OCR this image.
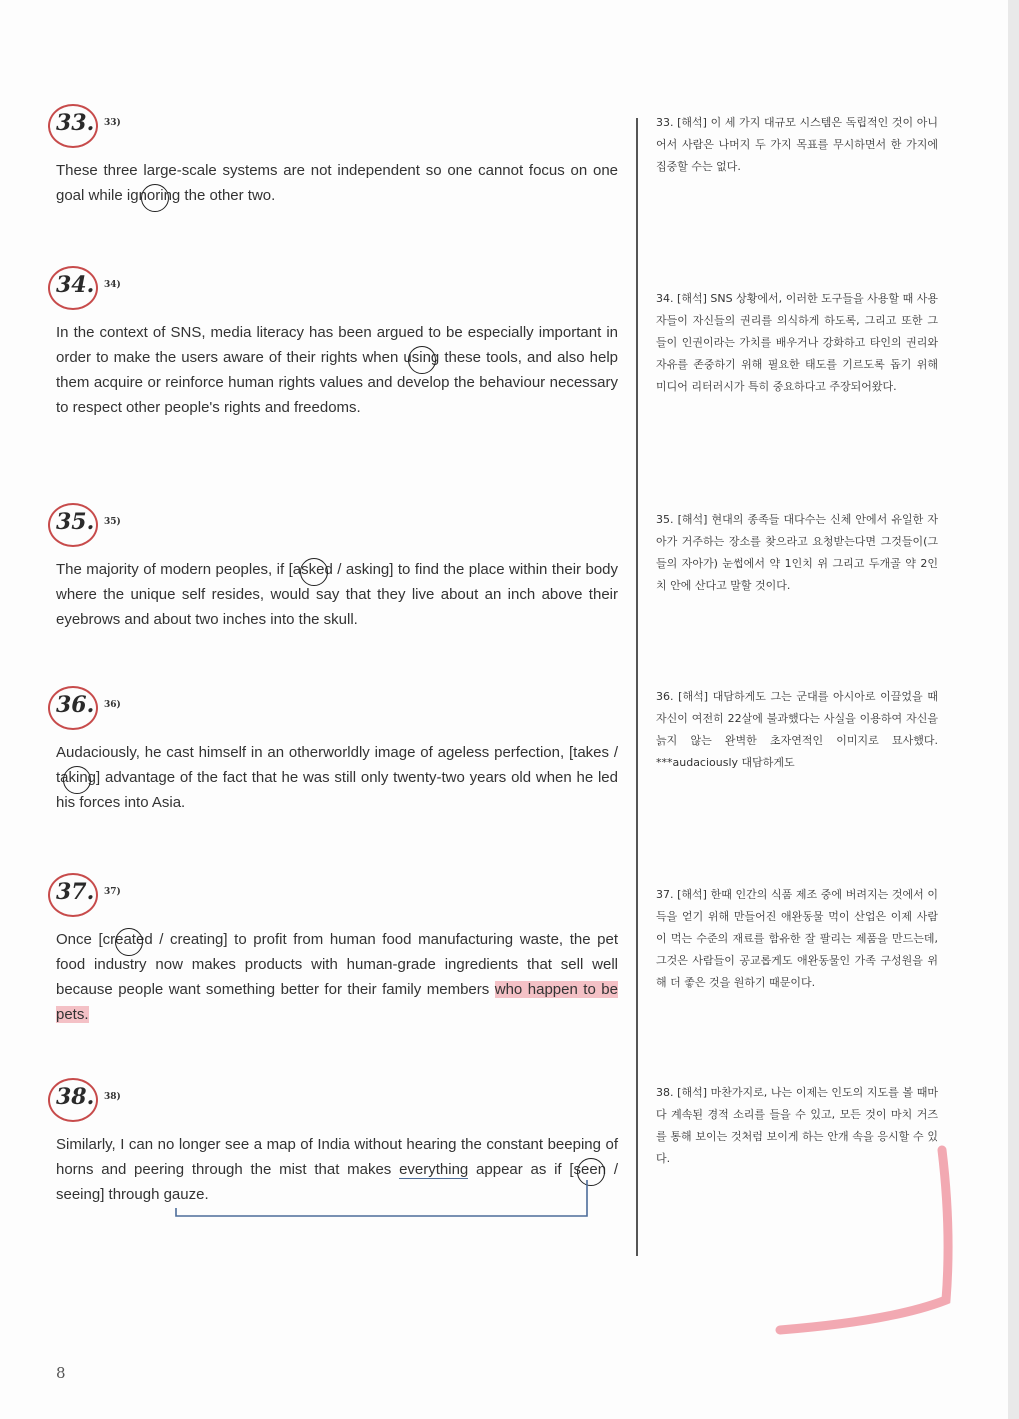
33. 33)
These three large-scale systems are not independent so one cannot focus on one goal while ignoring
the other two.
34. 34)
In the context of SNS, media literacy has been argued to be especially important in order to make the users aware of their rights when using
these tools, and also help them acquire or reinforce human rights values and develop the behaviour necessary to respect other people's rights and freedoms.
35. 35)
The majority of modern peoples, if [asked
/ asking] to find the place within their body where the unique self resides, would say that they live about an inch above their eyebrows and about two inches into the skull.
36. 36)
Audaciously, he cast himself in an otherworldly image of ageless perfection, [takes / taking
] advantage of the fact that he was still only twenty-two years old when he led his forces into Asia.
37. 37)
Once [created
/ creating] to profit from human food manufacturing waste, the pet food industry now makes products with human-grade ingredients that sell well because people want something better for their family members who happen to be pets.
38. 38)
Similarly, I can no longer see a map of India without hearing the constant beeping of horns and peering through the mist that makes everything appear as if [seen
/ seeing] through gauze.
33. [해석] 이 세 가지 대규모 시스템은 독립적인 것이 아니어서 사람은 나머지 두 가지 목표를 무시하면서 한 가지에 집중할 수는 없다.
34. [해석] SNS 상황에서, 이러한 도구들을 사용할 때 사용자들이 자신들의 권리를 의식하게 하도록, 그리고 또한 그들이 인권이라는 가치를 배우거나 강화하고 타인의 권리와 자유를 존중하기 위해 필요한 태도를 기르도록 돕기 위해 미디어 리터러시가 특히 중요하다고 주장되어왔다.
35. [해석] 현대의 종족들 대다수는 신체 안에서 유일한 자아가 거주하는 장소를 찾으라고 요청받는다면 그것들이(그들의 자아가) 눈썹에서 약 1인치 위 그리고 두개골 약 2인치 안에 산다고 말할 것이다.
36. [해석] 대담하게도 그는 군대를 아시아로 이끌었을 때 자신이 여전히 22살에 불과했다는 사실을 이용하여 자신을 늙지 않는 완벽한 초자연적인 이미지로 묘사했다. ***audaciously 대담하게도
37. [해석] 한때 인간의 식품 제조 중에 버려지는 것에서 이득을 얻기 위해 만들어진 애완동물 먹이 산업은 이제 사람이 먹는 수준의 재료를 함유한 잘 팔리는 제품을 만드는데, 그것은 사람들이 공교롭게도 애완동물인 가족 구성원을 위해 더 좋은 것을 원하기 때문이다.
38. [해석] 마찬가지로, 나는 이제는 인도의 지도를 볼 때마다 계속된 경적 소리를 들을 수 있고, 모든 것이 마치 거즈를 통해 보이는 것처럼 보이게 하는 안개 속을 응시할 수 있다.
8
